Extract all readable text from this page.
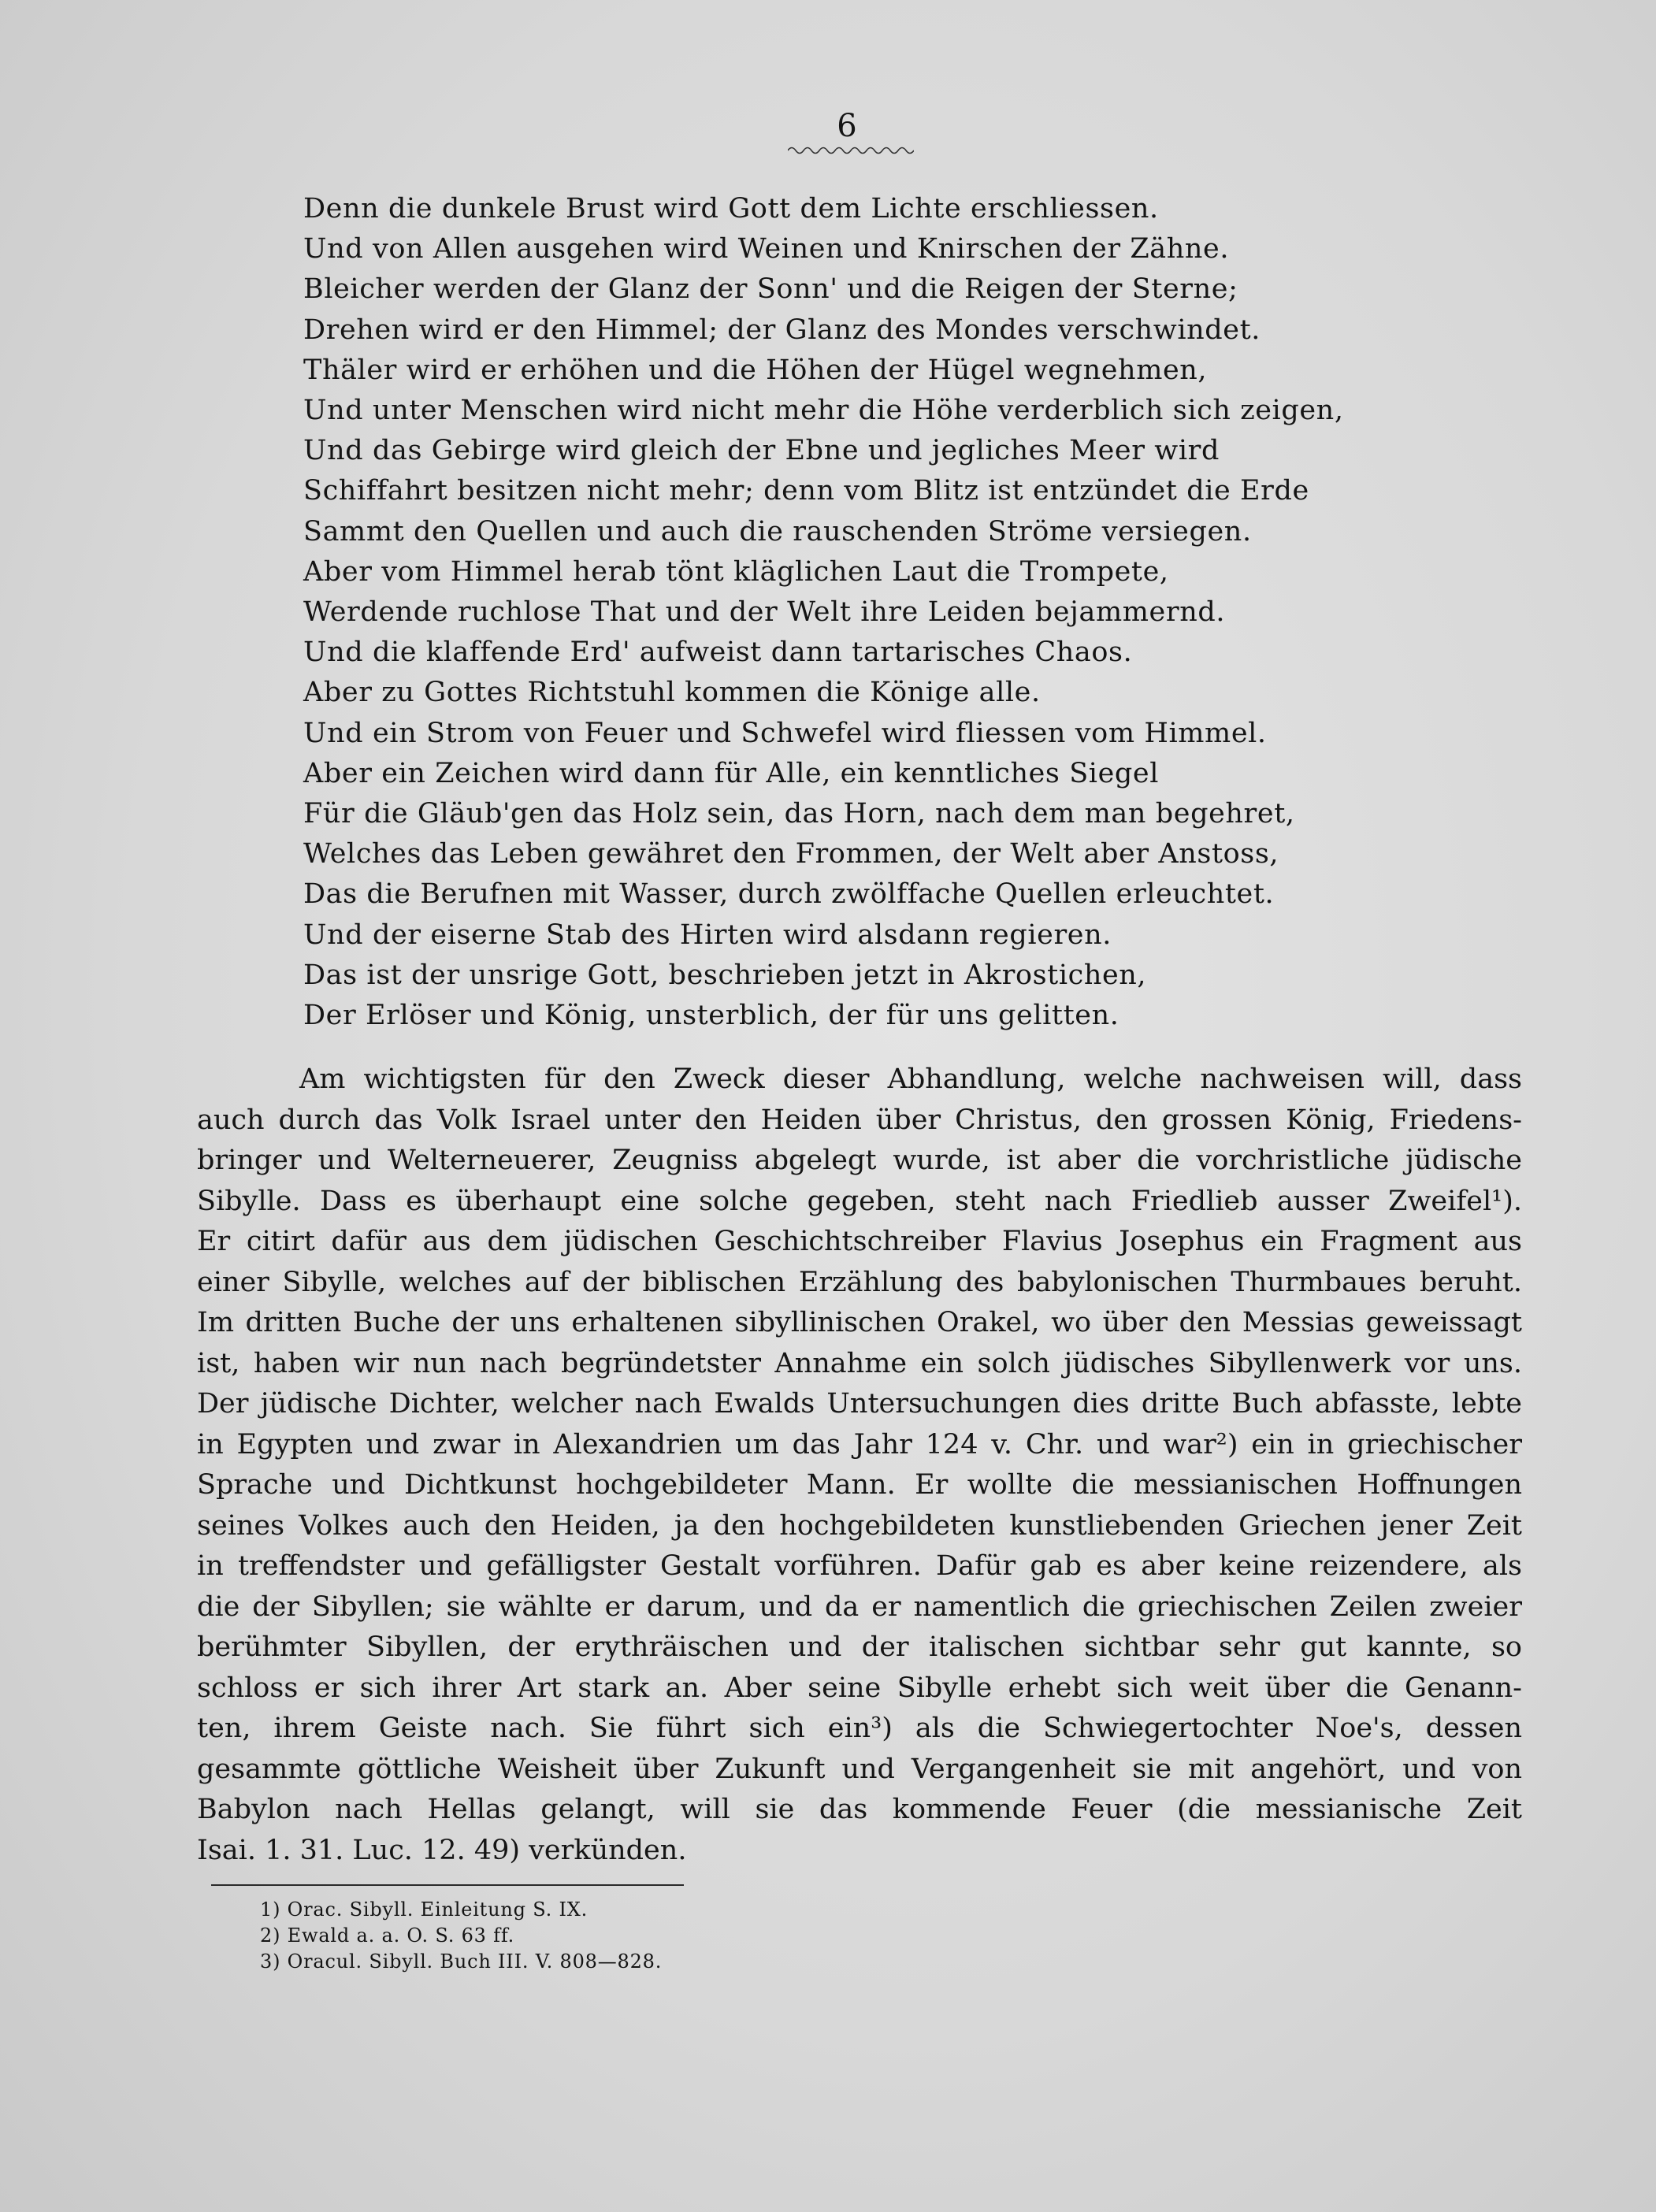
6
Denn die dunkele Brust wird Gott dem Lichte erschliessen.
Und von Allen ausgehen wird Weinen und Knirschen der Zähne.
Bleicher werden der Glanz der Sonn' und die Reigen der Sterne;
Drehen wird er den Himmel; der Glanz des Mondes verschwindet.
Thäler wird er erhöhen und die Höhen der Hügel wegnehmen,
Und unter Menschen wird nicht mehr die Höhe verderblich sich zeigen,
Und das Gebirge wird gleich der Ebne und jegliches Meer wird
Schiffahrt besitzen nicht mehr; denn vom Blitz ist entzündet die Erde
Sammt den Quellen und auch die rauschenden Ströme versiegen.
Aber vom Himmel herab tönt kläglichen Laut die Trompete,
Werdende ruchlose That und der Welt ihre Leiden bejammernd.
Und die klaffende Erd' aufweist dann tartarisches Chaos.
Aber zu Gottes Richtstuhl kommen die Könige alle.
Und ein Strom von Feuer und Schwefel wird fliessen vom Himmel.
Aber ein Zeichen wird dann für Alle, ein kenntliches Siegel
Für die Gläub'gen das Holz sein, das Horn, nach dem man begehret,
Welches das Leben gewähret den Frommen, der Welt aber Anstoss,
Das die Berufnen mit Wasser, durch zwölffache Quellen erleuchtet.
Und der eiserne Stab des Hirten wird alsdann regieren.
Das ist der unsrige Gott, beschrieben jetzt in Akrostichen,
Der Erlöser und König, unsterblich, der für uns gelitten.
Am wichtigsten für den Zweck dieser Abhandlung, welche nachweisen will, dass
auch durch das Volk Israel unter den Heiden über Christus, den grossen König, Friedens-
bringer und Welterneuerer, Zeugniss abgelegt wurde, ist aber die vorchristliche jüdische
Sibylle. Dass es überhaupt eine solche gegeben, steht nach Friedlieb ausser Zweifel¹).
Er citirt dafür aus dem jüdischen Geschichtschreiber Flavius Josephus ein Fragment aus
einer Sibylle, welches auf der biblischen Erzählung des babylonischen Thurmbaues beruht.
Im dritten Buche der uns erhaltenen sibyllinischen Orakel, wo über den Messias geweissagt
ist, haben wir nun nach begründetster Annahme ein solch jüdisches Sibyllenwerk vor uns.
Der jüdische Dichter, welcher nach Ewalds Untersuchungen dies dritte Buch abfasste, lebte
in Egypten und zwar in Alexandrien um das Jahr 124 v. Chr. und war²) ein in griechischer
Sprache und Dichtkunst hochgebildeter Mann. Er wollte die messianischen Hoffnungen
seines Volkes auch den Heiden, ja den hochgebildeten kunstliebenden Griechen jener Zeit
in treffendster und gefälligster Gestalt vorführen. Dafür gab es aber keine reizendere, als
die der Sibyllen; sie wählte er darum, und da er namentlich die griechischen Zeilen zweier
berühmter Sibyllen, der erythräischen und der italischen sichtbar sehr gut kannte, so
schloss er sich ihrer Art stark an. Aber seine Sibylle erhebt sich weit über die Genann-
ten, ihrem Geiste nach. Sie führt sich ein³) als die Schwiegertochter Noe's, dessen
gesammte göttliche Weisheit über Zukunft und Vergangenheit sie mit angehört, und von
Babylon nach Hellas gelangt, will sie das kommende Feuer (die messianische Zeit
Isai. 1. 31. Luc. 12. 49) verkünden.
1) Orac. Sibyll. Einleitung S. IX.
2) Ewald a. a. O. S. 63 ff.
3) Oracul. Sibyll. Buch III. V. 808—828.
